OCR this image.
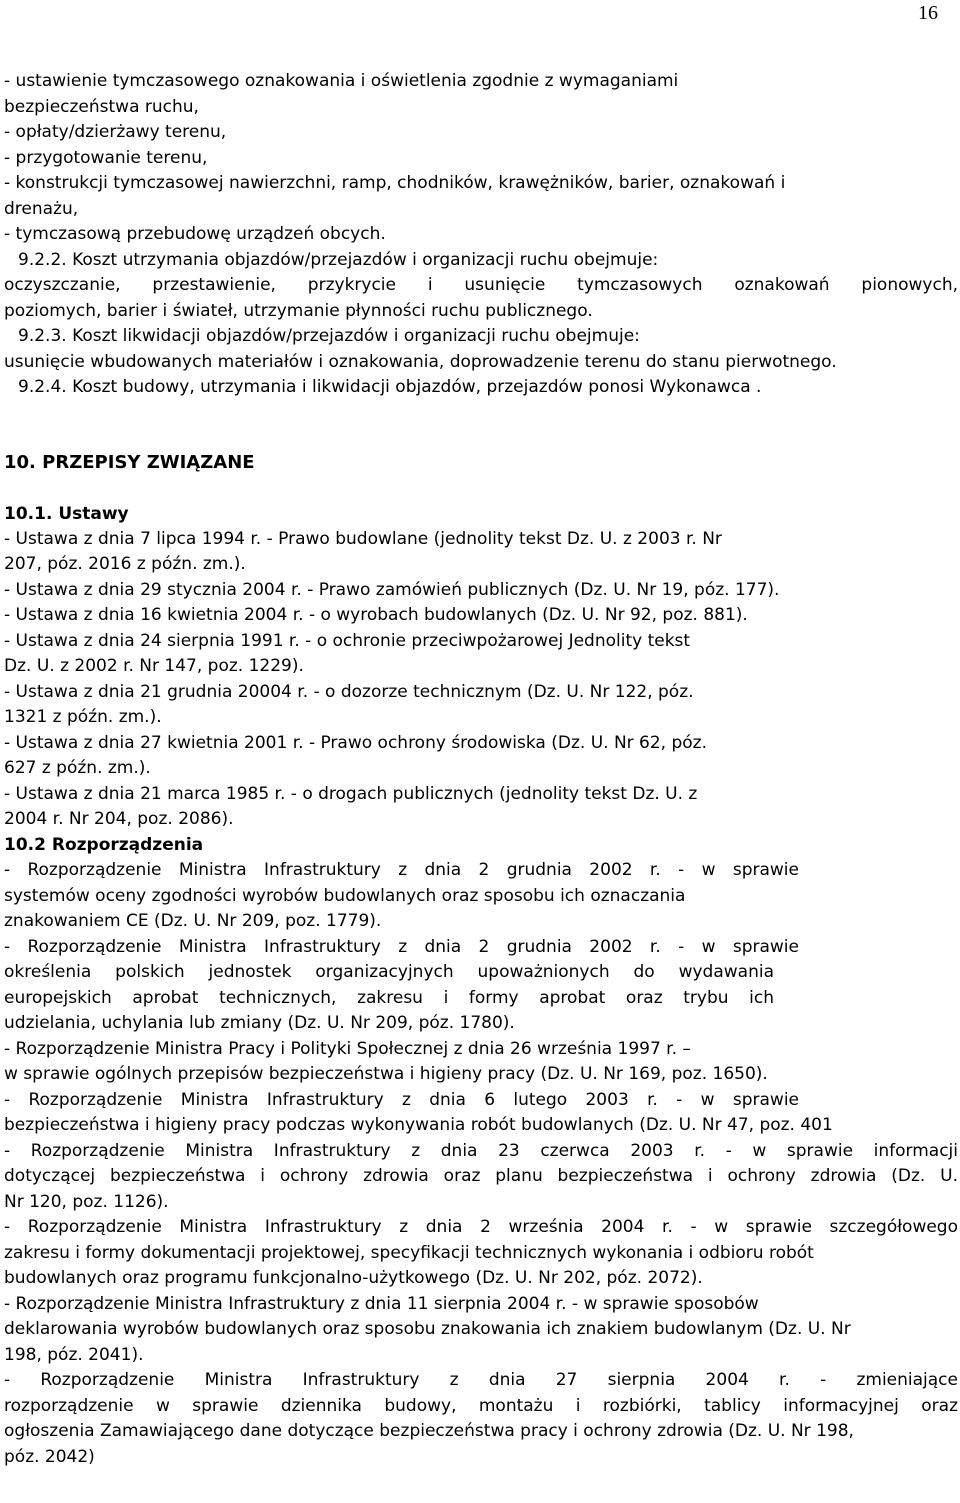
16
- ustawienie tymczasowego oznakowania i oświetlenia zgodnie z wymaganiami
bezpieczeństwa ruchu,
- opłaty/dzierżawy terenu,
- przygotowanie terenu,
- konstrukcji tymczasowej nawierzchni, ramp, chodników, krawężników, barier, oznakowań i
drenażu,
- tymczasową przebudowę urządzeń obcych.
9.2.2. Koszt utrzymania objazdów/przejazdów i organizacji ruchu obejmuje:
oczyszczanie, przestawienie, przykrycie i usunięcie tymczasowych oznakowań pionowych,
poziomych, barier i świateł, utrzymanie płynności ruchu publicznego.
9.2.3. Koszt likwidacji objazdów/przejazdów i organizacji ruchu obejmuje:
usunięcie wbudowanych materiałów i oznakowania, doprowadzenie terenu do stanu pierwotnego.
9.2.4. Koszt budowy, utrzymania i likwidacji objazdów, przejazdów ponosi Wykonawca .
10. PRZEPISY ZWIĄZANE
10.1. Ustawy
- Ustawa z dnia 7 lipca 1994 r. - Prawo budowlane (jednolity tekst Dz. U. z 2003 r. Nr
207, póz. 2016 z późn. zm.).
- Ustawa z dnia 29 stycznia 2004 r. - Prawo zamówień publicznych (Dz. U. Nr 19, póz. 177).
- Ustawa z dnia 16 kwietnia 2004 r. - o wyrobach budowlanych (Dz. U. Nr 92, poz. 881).
- Ustawa z dnia 24 sierpnia 1991 r. - o ochronie przeciwpożarowej Jednolity tekst
Dz. U. z 2002 r. Nr 147, poz. 1229).
- Ustawa z dnia 21 grudnia 20004 r. - o dozorze technicznym (Dz. U. Nr 122, póz.
1321 z późn. zm.).
- Ustawa z dnia 27 kwietnia 2001 r. - Prawo ochrony środowiska (Dz. U. Nr 62, póz.
627 z późn. zm.).
- Ustawa z dnia 21 marca 1985 r. - o drogach publicznych (jednolity tekst Dz. U. z
2004 r. Nr 204, poz. 2086).
10.2 Rozporządzenia
- Rozporządzenie Ministra Infrastruktury z dnia 2 grudnia 2002 r. - w sprawie
systemów oceny zgodności wyrobów budowlanych oraz sposobu ich oznaczania
znakowaniem CE (Dz. U. Nr 209, poz. 1779).
- Rozporządzenie Ministra Infrastruktury z dnia 2 grudnia 2002 r. - w sprawie
określenia polskich jednostek organizacyjnych upoważnionych do wydawania
europejskich aprobat technicznych, zakresu i formy aprobat oraz trybu ich
udzielania, uchylania lub zmiany (Dz. U. Nr 209, póz. 1780).
- Rozporządzenie Ministra Pracy i Polityki Społecznej z dnia 26 września 1997 r. –
w sprawie ogólnych przepisów bezpieczeństwa i higieny pracy (Dz. U. Nr 169, poz. 1650).
- Rozporządzenie Ministra Infrastruktury z dnia 6 lutego 2003 r. - w sprawie
bezpieczeństwa i higieny pracy podczas wykonywania robót budowlanych (Dz. U. Nr 47, poz. 401
- Rozporządzenie Ministra Infrastruktury z dnia 23 czerwca 2003 r. - w sprawie informacji
dotyczącej bezpieczeństwa i ochrony zdrowia oraz planu bezpieczeństwa i ochrony zdrowia (Dz. U.
Nr 120, poz. 1126).
- Rozporządzenie Ministra Infrastruktury z dnia 2 września 2004 r. - w sprawie szczegółowego
zakresu i formy dokumentacji projektowej, specyfikacji technicznych wykonania i odbioru robót
budowlanych oraz programu funkcjonalno-użytkowego (Dz. U. Nr 202, póz. 2072).
- Rozporządzenie Ministra Infrastruktury z dnia 11 sierpnia 2004 r. - w sprawie sposobów
deklarowania wyrobów budowlanych oraz sposobu znakowania ich znakiem budowlanym (Dz. U. Nr
198, póz. 2041).
- Rozporządzenie Ministra Infrastruktury z dnia 27 sierpnia 2004 r. - zmieniające
rozporządzenie w sprawie dziennika budowy, montażu i rozbiórki, tablicy informacyjnej oraz
ogłoszenia Zamawiającego dane dotyczące bezpieczeństwa pracy i ochrony zdrowia (Dz. U. Nr 198,
póz. 2042)
